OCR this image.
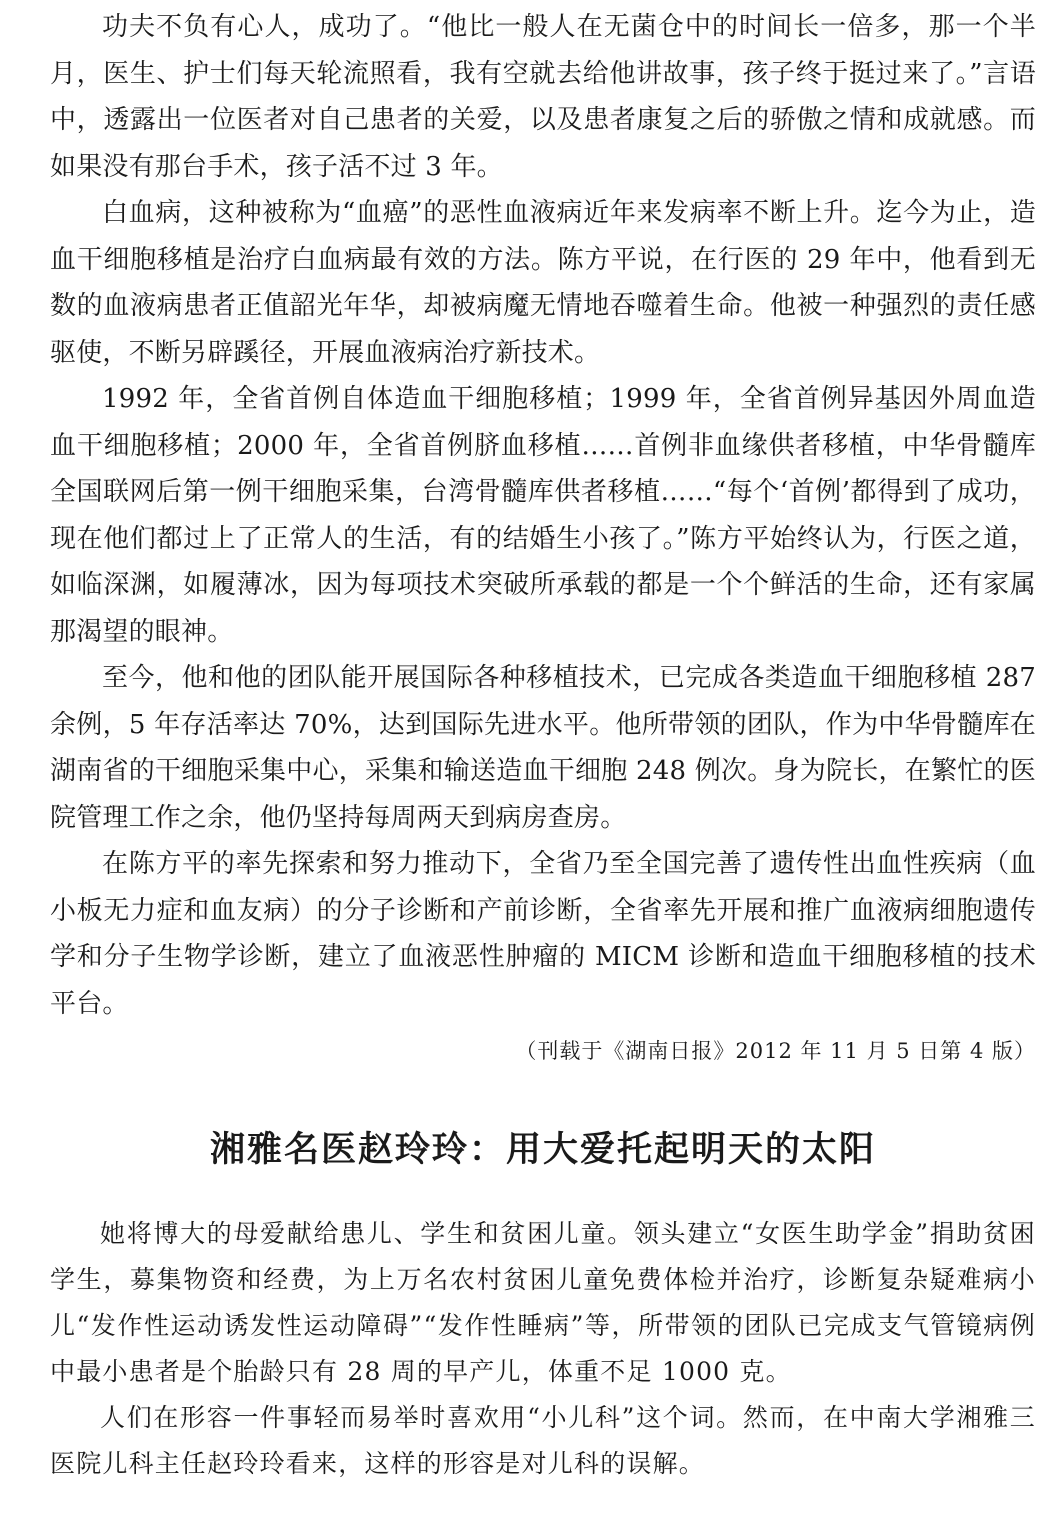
功夫不负有心人，成功了。“他比一般人在无菌仓中的时间长一倍多，那一个半月，医生、护士们每天轮流照看，我有空就去给他讲故事，孩子终于挺过来了。”言语中，透露出一位医者对自己患者的关爱，以及患者康复之后的骄傲之情和成就感。而如果没有那台手术，孩子活不过 3 年。

白血病，这种被称为“血癌”的恶性血液病近年来发病率不断上升。迄今为止，造血干细胞移植是治疗白血病最有效的方法。陈方平说，在行医的 29 年中，他看到无数的血液病患者正值韶光年华，却被病魔无情地吞噬着生命。他被一种强烈的责任感驱使，不断另辟蹊径，开展血液病治疗新技术。

1992 年，全省首例自体造血干细胞移植；1999 年，全省首例异基因外周血造血干细胞移植；2000 年，全省首例脐血移植……首例非血缘供者移植，中华骨髓库全国联网后第一例干细胞采集，台湾骨髓库供者移植……“每个‘首例’都得到了成功，现在他们都过上了正常人的生活，有的结婚生小孩了。”陈方平始终认为，行医之道，如临深渊，如履薄冰，因为每项技术突破所承载的都是一个个鲜活的生命，还有家属那渴望的眼神。

至今，他和他的团队能开展国际各种移植技术，已完成各类造血干细胞移植 287 余例，5 年存活率达 70%，达到国际先进水平。他所带领的团队，作为中华骨髓库在湖南省的干细胞采集中心，采集和输送造血干细胞 248 例次。身为院长，在繁忙的医院管理工作之余，他仍坚持每周两天到病房查房。

在陈方平的率先探索和努力推动下，全省乃至全国完善了遗传性出血性疾病（血小板无力症和血友病）的分子诊断和产前诊断，全省率先开展和推广血液病细胞遗传学和分子生物学诊断，建立了血液恶性肿瘤的 MICM 诊断和造血干细胞移植的技术平台。

（刊载于《湖南日报》2012 年 11 月 5 日第 4 版）

湘雅名医赵玲玲：用大爱托起明天的太阳

她将博大的母爱献给患儿、学生和贫困儿童。领头建立“女医生助学金”捐助贫困学生，募集物资和经费，为上万名农村贫困儿童免费体检并治疗，诊断复杂疑难病小儿“发作性运动诱发性运动障碍”“发作性睡病”等，所带领的团队已完成支气管镜病例中最小患者是个胎龄只有 28 周的早产儿，体重不足 1000 克。

人们在形容一件事轻而易举时喜欢用“小儿科”这个词。然而，在中南大学湘雅三医院儿科主任赵玲玲看来，这样的形容是对儿科的误解。
